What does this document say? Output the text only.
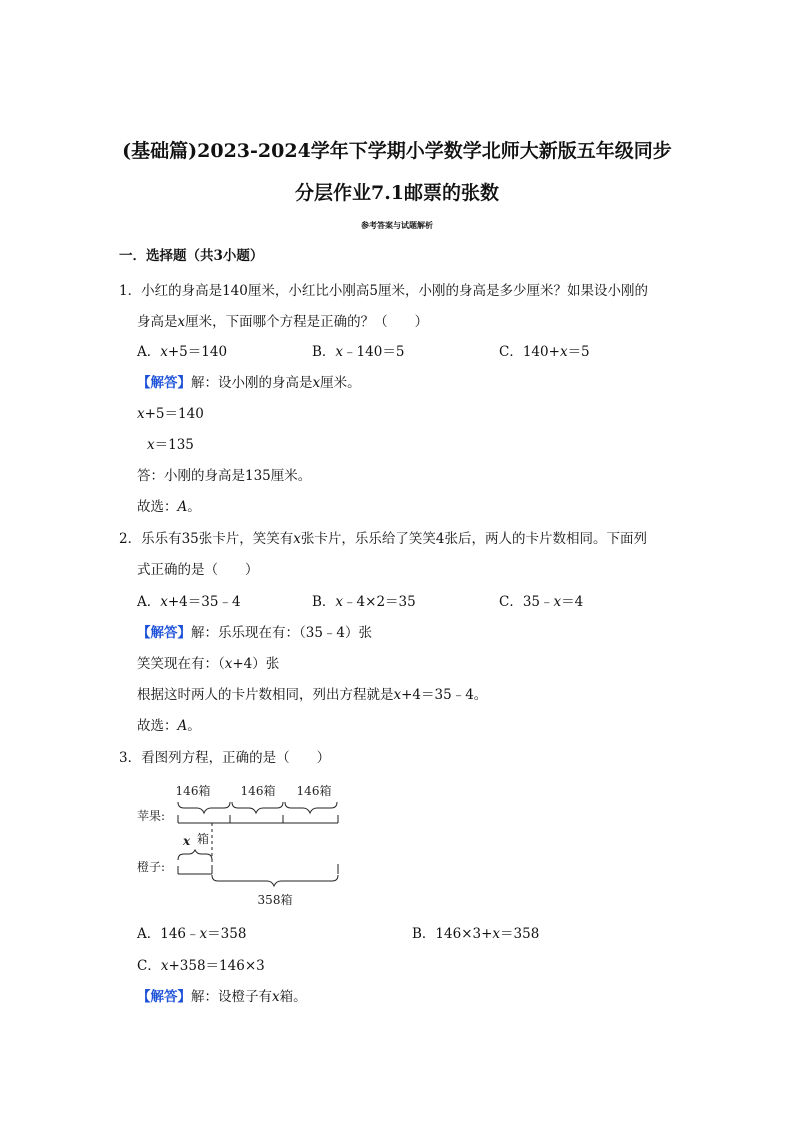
(基础篇)2023-2024学年下学期小学数学北师大新版五年级同步
分层作业7.1邮票的张数
参考答案与试题解析
一．选择题（共3小题）
1．小红的身高是140厘米，小红比小刚高5厘米，小刚的身高是多少厘米？如果设小刚的
身高是x厘米，下面哪个方程是正确的？（　　）
A．x+5＝140	B．x﹣140＝5	C．140+x＝5
【解答】解：设小刚的身高是x厘米。
x+5＝140
x＝135
答：小刚的身高是135厘米。
故选：A。
2．乐乐有35张卡片，笑笑有x张卡片，乐乐给了笑笑4张后，两人的卡片数相同。下面列
式正确的是（　　）
A．x+4＝35﹣4	B．x﹣4×2＝35	C．35﹣x＝4
【解答】解：乐乐现在有：（35﹣4）张
笑笑现在有：（x+4）张
根据这时两人的卡片数相同，列出方程就是x+4＝35﹣4。
故选：A。
3．看图列方程，正确的是（　　）
146箱	146箱 146箱
苹果:
x 箱
橙子:
358箱
A．146﹣x＝358	B．146×3+x＝358
C．x+358＝146×3
【解答】解：设橙子有x箱。
